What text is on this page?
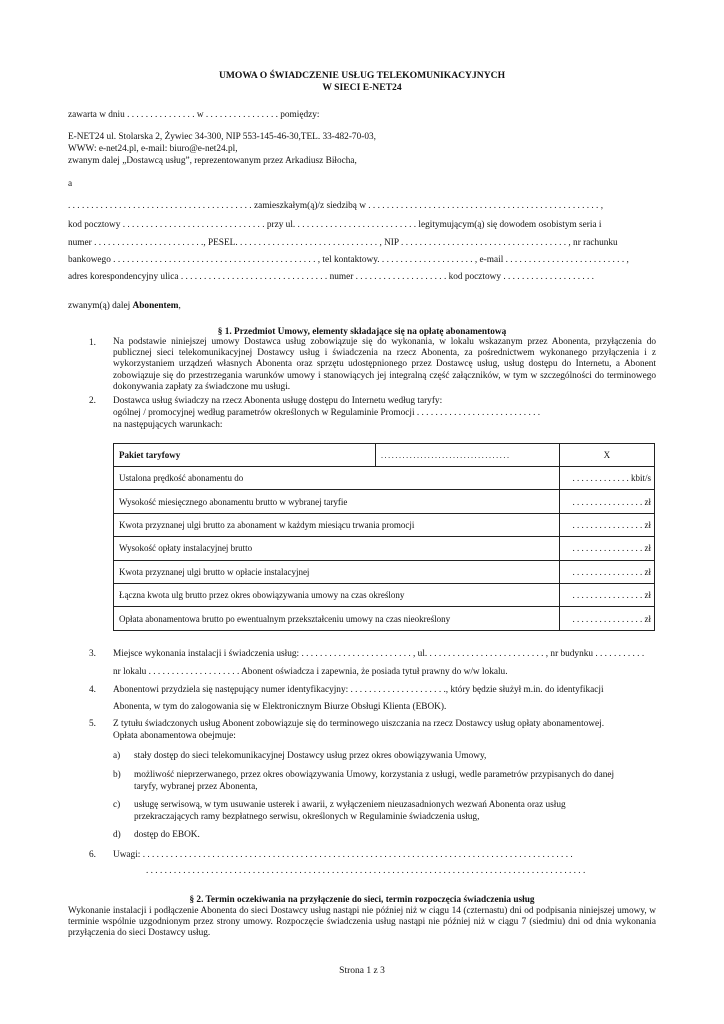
UMOWA O ŚWIADCZENIE USŁUG TELEKOMUNIKACYJNYCH
W SIECI E-NET24
zawarta w dniu . . . . . . . . . . . . . . . w . . . . . . . . . . . . . . . . pomiędzy:
E-NET24 ul. Stolarska 2, Żywiec 34-300, NIP 553-145-46-30,TEL. 33-482-70-03,
WWW: e-net24.pl, e-mail: biuro@e-net24.pl,
zwanym dalej „Dostawcą usług”, reprezentowanym przez Arkadiusz Biłocha,
a
. . . . . . . . . . . . . . . . . . . . . . . . . . . . . . . . . . . . . . . . zamieszkałym(ą)/z siedzibą w . . . . . . . . . . . . . . . . . . . . . . . . . . . . . . . . . . . . . . . . . . . . . . . . . . ,
kod pocztowy . . . . . . . . . . . . . . . . . . . . . . . . . . . . . . . przy ul. . . . . . . . . . . . . . . . . . . . . . . . . . . legitymującym(ą) się dowodem osobistym seria i
numer . . . . . . . . . . . . . . . . . . . . . . . ., PESEL. . . . . . . . . . . . . . . . . . . . . . . . . . . . . . . , NIP . . . . . . . . . . . . . . . . . . . . . . . . . . . . . . . . . . . . , nr rachunku
bankowego . . . . . . . . . . . . . . . . . . . . . . . . . . . . . . . . . . . . . . . . . . . . , tel kontaktowy. . . . . . . . . . . . . . . . . . . . . , e-mail . . . . . . . . . . . . . . . . . . . . . . . . . . ,
adres korespondencyjny ulica . . . . . . . . . . . . . . . . . . . . . . . . . . . . . . . . numer . . . . . . . . . . . . . . . . . . . . kod pocztowy . . . . . . . . . . . . . . . . . . . .
zwanym(ą) dalej Abonentem,
§ 1. Przedmiot Umowy, elementy składające się na opłatę abonamentową
1. Na podstawie niniejszej umowy Dostawca usług zobowiązuje się do wykonania, w lokalu wskazanym przez Abonenta, przyłączenia do publicznej sieci telekomunikacyjnej Dostawcy usług i świadczenia na rzecz Abonenta, za pośrednictwem wykonanego przyłączenia i z wykorzystaniem urządzeń własnych Abonenta oraz sprzętu udostępnionego przez Dostawcę usług, usług dostępu do Internetu, a Abonent zobowiązuje się do przestrzegania warunków umowy i stanowiących jej integralną część załączników, w tym w szczególności do terminowego dokonywania zapłaty za świadczone mu usługi.
2. Dostawca usług świadczy na rzecz Abonenta usługę dostępu do Internetu według taryfy:
ogólnej / promocyjnej według parametrów określonych w Regulaminie Promocji . . . . . . . . . . . . . . . . . . . . . . . . . . .
na następujących warunkach:
Pakiet taryfowy	. . . . . . . . . . . . . . . . . . . . . . . . . . . . . . . . . . . .	X
Ustalona prędkość abonamentu do		. . . . . . . . . . . . . kbit/s
Wysokość miesięcznego abonamentu brutto w wybranej taryfie		. . . . . . . . . . . . . . . . zł
Kwota przyznanej ulgi brutto za abonament w każdym miesiącu trwania promocji		. . . . . . . . . . . . . . . . zł
Wysokość opłaty instalacyjnej brutto		. . . . . . . . . . . . . . . . zł
Kwota przyznanej ulgi brutto w opłacie instalacyjnej		. . . . . . . . . . . . . . . . zł
Łączna kwota ulg brutto przez okres obowiązywania umowy na czas określony		. . . . . . . . . . . . . . . . zł
Opłata abonamentowa brutto po ewentualnym przekształceniu umowy na czas nieokreślony		. . . . . . . . . . . . . . . . zł
3. Miejsce wykonania instalacji i świadczenia usług: . . . . . . . . . . . . . . . . . . . . . . . . , ul. . . . . . . . . . . . . . . . . . . . . . . . . . , nr budynku . . . . . . . . . . .
nr lokalu . . . . . . . . . . . . . . . . . . . . Abonent oświadcza i zapewnia, że posiada tytuł prawny do w/w lokalu.
4. Abonentowi przydziela się następujący numer identyfikacyjny: . . . . . . . . . . . . . . . . . . . . ., który będzie służył m.in. do identyfikacji
Abonenta, w tym do zalogowania się w Elektronicznym Biurze Obsługi Klienta (EBOK).
5. Z tytułu świadczonych usług Abonent zobowiązuje się do terminowego uiszczania na rzecz Dostawcy usług opłaty abonamentowej.
Opłata abonamentowa obejmuje:
a) stały dostęp do sieci telekomunikacyjnej Dostawcy usług przez okres obowiązywania Umowy,
b) możliwość nieprzerwanego, przez okres obowiązywania Umowy, korzystania z usługi, wedle parametrów przypisanych do danej
taryfy, wybranej przez Abonenta,
c) usługę serwisową, w tym usuwanie usterek i awarii, z wyłączeniem nieuzasadnionych wezwań Abonenta oraz usług
przekraczających ramy bezpłatnego serwisu, określonych w Regulaminie świadczenia usług,
d) dostęp do EBOK.
6. Uwagi: . . . . . . . . . . . . . . . . . . . . . . . . . . . . . . . . . . . . . . . . . . . . . . . . . . . . . . . . . . . . . . . . . . . . . . . . . . . . . . . . . . . . . . . . . . . . .
. . . . . . . . . . . . . . . . . . . . . . . . . . . . . . . . . . . . . . . . . . . . . . . . . . . . . . . . . . . . . . . . . . . . . . . . . . . . . . . . . . . . . . . . . . . . . . .
§ 2. Termin oczekiwania na przyłączenie do sieci, termin rozpoczęcia świadczenia usług
Wykonanie instalacji i podłączenie Abonenta do sieci Dostawcy usług nastąpi nie później niż w ciągu 14 (czternastu) dni od podpisania niniejszej umowy, w terminie wspólnie uzgodnionym przez strony umowy. Rozpoczęcie świadczenia usług nastąpi nie później niż w ciągu 7 (siedmiu) dni od dnia wykonania przyłączenia do sieci Dostawcy usług.
Strona 1 z 3
